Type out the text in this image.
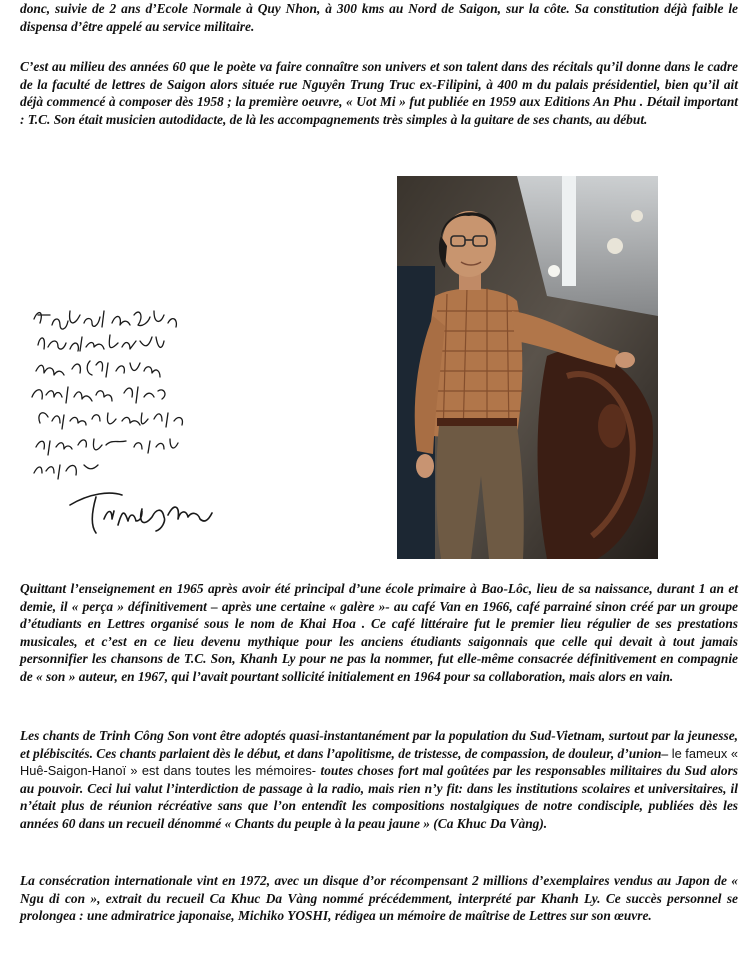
donc, suivie de 2 ans d’Ecole Normale à Quy Nhon, à 300 kms au Nord de Saigon, sur la côte. Sa constitution déjà faible le dispensa d’être appelé au service militaire.

C’est au milieu des années 60 que le poète va faire connaître son univers et son talent dans des récitals qu’il donne dans le cadre de la faculté de lettres de Saigon alors située rue Nguyên Trung Truc ex-Filipini, à 400 m du palais présidentiel, bien qu’il ait déjà commencé à composer dès 1958 ; la première oeuvre, « Uot Mi » fut publiée en 1959 aux Editions An Phu . Détail important : T.C. Son était musicien autodidacte, de là les accompagnements très simples à la guitare de ses chants, au début.

Quittant l’enseignement en 1965 après avoir été principal d’une école primaire à Bao-Lôc, lieu de sa naissance, durant 1 an et demie, il « perça » définitivement – après une certaine « galère »- au café Van en 1966, café parrainé sinon créé par un groupe d’étudiants en Lettres organisé sous le nom de Khai Hoa . Ce café littéraire fut le premier lieu régulier de ses prestations musicales, et c’est en ce lieu devenu mythique pour les anciens étudiants saigonnais que celle qui devait à tout jamais personnifier les chansons de T.C. Son, Khanh Ly pour ne pas la nommer, fut elle-même consacrée définitivement en compagnie de « son » auteur, en 1967, qui l’avait pourtant sollicité initialement en 1964 pour sa collaboration, mais alors en vain.

Les chants de Trinh Công Son vont être adoptés quasi-instantanément par la population du Sud-Vietnam, surtout par la jeunesse, et plébiscités. Ces chants parlaient dès le début, et dans l’apolitisme, de tristesse, de compassion, de douleur, d’union– le fameux « Huê-Saigon-Hanoï » est dans toutes les mémoires- toutes choses fort mal goûtées par les responsables militaires du Sud alors au pouvoir. Ceci lui valut l’interdiction de passage à la radio, mais rien n’y fit: dans les institutions scolaires et universitaires, il n’était plus de réunion récréative sans que l’on entendît les compositions nostalgiques de notre condisciple, publiées dès les années 60 dans un recueil dénommé « Chants du peuple à la peau jaune » (Ca Khuc Da Vàng).

La consécration internationale vint en 1972, avec un disque d’or récompensant 2 millions d’exemplaires vendus au Japon de « Ngu di con », extrait du recueil Ca Khuc Da Vàng nommé précédemment, interprété par Khanh Ly. Ce succès personnel se prolongea : une admiratrice japonaise, Michiko YOSHI, rédigea un mémoire de maîtrise de Lettres sur son œuvre.
